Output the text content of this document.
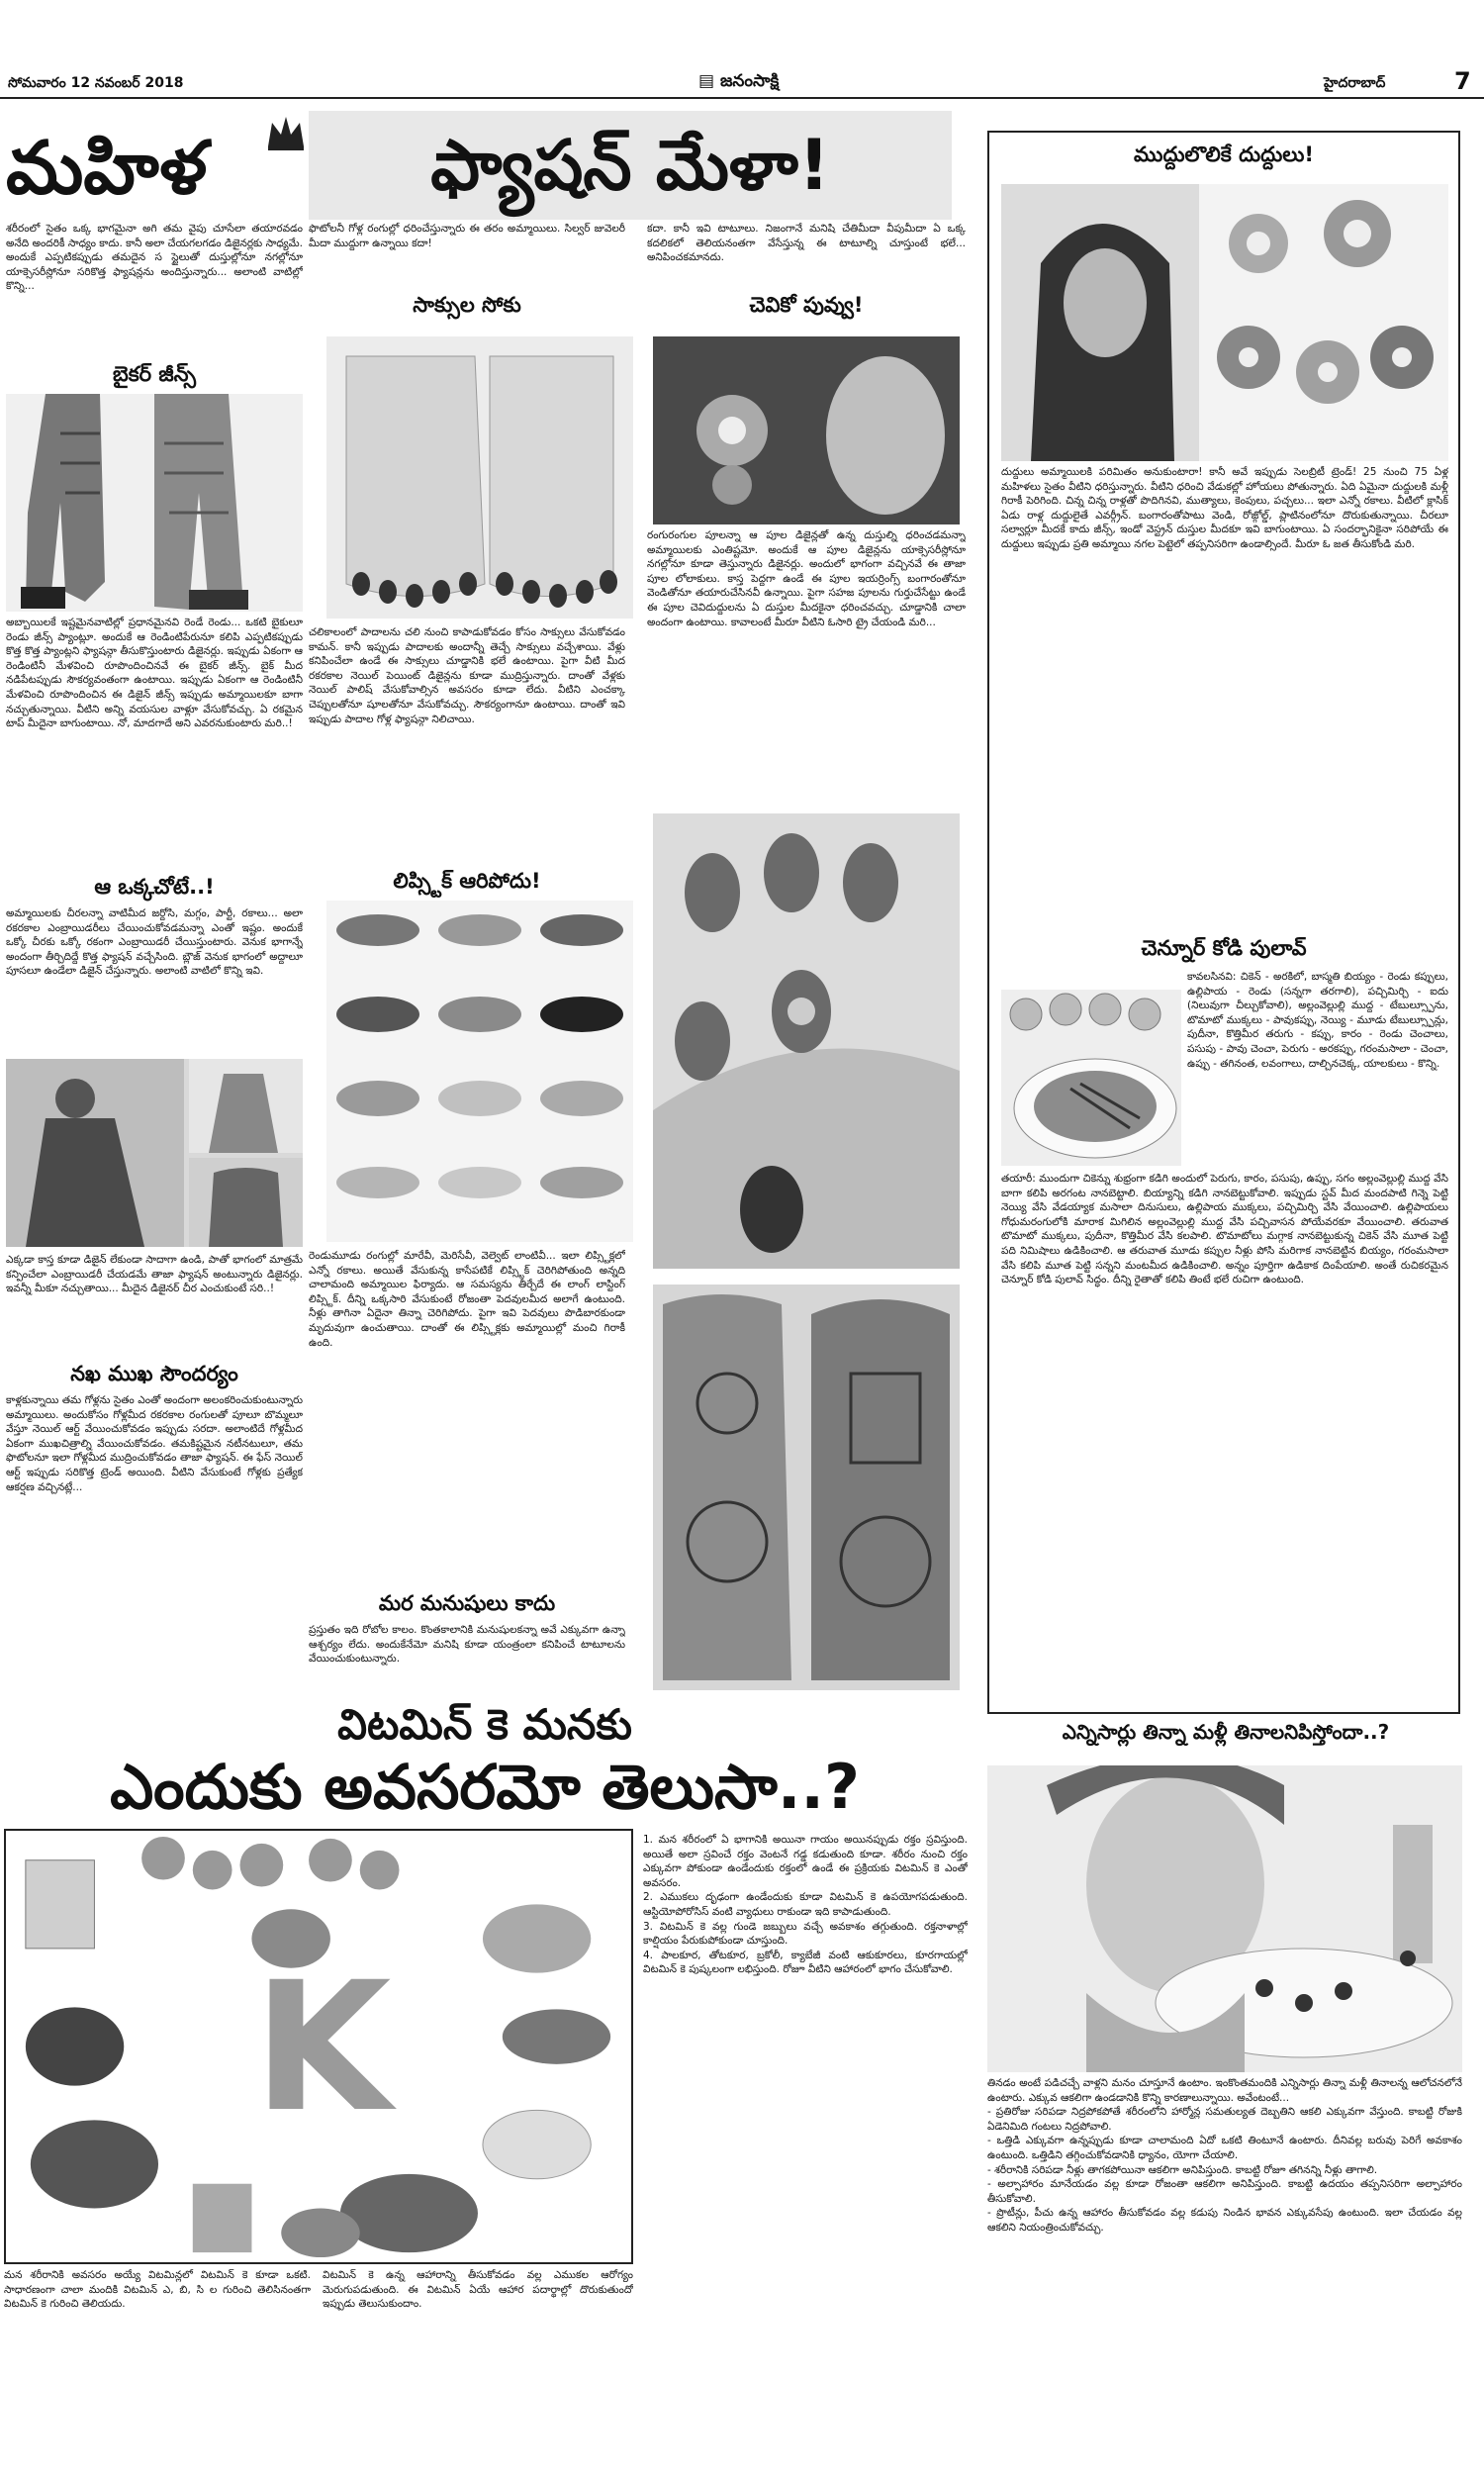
సోమవారం 12 నవంబర్ 2018	▤ జనంసాక్షి	హైదరాబాద్	7
మహిళ	ఫ్యాషన్ మేళా!
శరీరంలో సైతం ఒక్క భాగమైనా అగి తమ వైపు చూసేలా తయారవడం అనేది అందరికీ సాధ్యం కాదు. కానీ అలా చేయగలగడం డిజైనర్లకు సాధ్యమే. అందుకే ఎప్పటికప్పుడు తమదైన స స్టైలుతో దుస్తుల్లోనూ నగల్లోనూ యాక్సెసరీస్లోనూ సరికొత్త ఫ్యాషన్లను అందిస్తున్నారు... అలాంటి వాటిల్లో కొన్ని...
బైకర్ జీన్స్
అబ్బాయిలకే ఇష్టమైనవాటిల్లో ప్రధానమైనవి రెండే రెండు... ఒకటి బైకులూ రెండు జీన్స్ ప్యాంట్లూ. అందుకే ఆ రెండింటిపేరునూ కలిపి ఎప్పటికప్పుడు కొత్త కొత్త ప్యాంట్లని ఫ్యాషన్గా తీసుకొస్తుంటారు డిజైనర్లు. ఇప్పుడు ఏకంగా ఆ రెండింటినీ మేళవించి రూపొందించినవే ఈ బైకర్ జీన్స్. బైక్ మీద నడిపేటప్పుడు సౌకర్యవంతంగా ఉంటాయి. ఇప్పుడు ఏకంగా ఆ రెండింటినీ మేళవించి రూపొందించిన ఈ డిజైన్ జీన్స్ ఇప్పుడు అమ్మాయిలకూ బాగా నచ్చుతున్నాయి. వీటిని అన్ని వయసుల వాళ్లూ వేసుకోవచ్చు. ఏ రకమైన టాప్ మీదైనా బాగుంటాయి. నో, మాదగాదే అని ఎవరనుకుంటారు మరి..!
ఆ ఒక్కచోటే..!
అమ్మాయిలకు చీరలన్నా వాటిమీద జర్దోసి, మగ్గం, పార్టీ, రకాలు... అలా రకరకాల ఎంబ్రాయిడరీలు చేయించుకోవడమన్నా ఎంతో ఇష్టం. అందుకే ఒక్కో చీరకు ఒక్కో రకంగా ఎంబ్రాయిడరీ చేయిస్తుంటారు. వెనుక భాగాన్నే అందంగా తీర్చిదిద్దే కొత్త ఫ్యాషన్ వచ్చేసింది. బ్లౌజ్ వెనుక భాగంలో అద్దాలూ పూసలూ ఉండేలా డిజైన్ చేస్తున్నారు. అలాంటి వాటిలో కొన్ని ఇవి.
ఎక్కడా కాస్త కూడా డిజైన్ లేకుండా సాదాగా ఉండి, పాతో భాగంలో మాత్రమే కన్పించేలా ఎంబ్రాయిడరీ చేయడమే తాజా ఫ్యాషన్ అంటున్నారు డిజైనర్లు. ఇవన్నీ మీకూ నచ్చుతాయి... మీదైన డిజైనర్ చీర ఎంచుకుంటే సరి..!
నఖ ముఖ సౌందర్యం
కాళ్లకున్నాయి తమ గోళ్లను సైతం ఎంతో అందంగా అలంకరించుకుంటున్నారు అమ్మాయిలు. అందుకోసం గోళ్లమీద రకరకాల రంగులతో పూలూ బొమ్మలూ వేస్తూ నెయిల్ ఆర్ట్ వేయించుకోవడం ఇప్పుడు సరదా. అలాంటిదే గోళ్లమీద ఏకంగా ముఖచిత్రాల్ని వేయించుకోవడం. తమకిష్టమైన నటీనటులూ, తమ ఫొటోలనూ ఇలా గోళ్లమీద ముద్రించుకోవడం తాజా ఫ్యాషన్. ఈ ఫేస్ నెయిల్ ఆర్ట్ ఇప్పుడు సరికొత్త ట్రెండ్ అయింది. వీటిని వేసుకుంటే గోళ్లకు ప్రత్యేక ఆకర్షణ వచ్చినట్లే...
ఫొటోలనీ గోళ్ల రంగుల్లో ధరించేస్తున్నారు ఈ తరం అమ్మాయిలు. సిల్వర్ జువెలరీ మీదా ముద్దుగా ఉన్నాయి కదా!
సాక్సుల సోకు
చలికాలంలో పాదాలను చలి నుంచి కాపాడుకోవడం కోసం సాక్సులు వేసుకోవడం కామన్. కానీ ఇప్పుడు పాదాలకు అందాన్నీ తెచ్చే సాక్సులు వచ్చేశాయి. వేళ్లు కనిపించేలా ఉండే ఈ సాక్సులు చూడ్డానికి భలే ఉంటాయి. పైగా వీటి మీద రకరకాల నెయిల్ పెయింట్ డిజైన్లను కూడా ముద్రిస్తున్నారు. దాంతో వేళ్లకు నెయిల్ పాలిష్ వేసుకోవాల్సిన అవసరం కూడా లేదు. వీటిని ఎంచక్కా చెప్పులతోనూ షూలతోనూ వేసుకోవచ్చు. సౌకర్యంగానూ ఉంటాయి. దాంతో ఇవి ఇప్పుడు పాదాల గోళ్ల ఫ్యాషన్గా నిలిచాయి.
లిప్స్టిక్ ఆరిపోదు!
రెండుమూడు రంగుల్లో మారేవీ, మెరిసేవీ, వెల్వెట్ లాంటివీ... ఇలా లిప్స్టిక్లలో ఎన్నో రకాలు. అయితే వేసుకున్న కాసేపటికే లిప్స్టిక్ చెరిగిపోతుంది అన్నది చాలామంది అమ్మాయిల ఫిర్యాదు. ఆ సమస్యను తీర్చేదే ఈ లాంగ్ లాస్టింగ్ లిప్స్టిక్. దీన్ని ఒక్కసారి వేసుకుంటే రోజంతా పెదవులమీద అలాగే ఉంటుంది. నీళ్లు తాగినా ఏదైనా తిన్నా చెరిగిపోదు. పైగా ఇవి పెదవులు పొడిబారకుండా మృదువుగా ఉంచుతాయి. దాంతో ఈ లిప్స్టిక్లకు అమ్మాయిల్లో మంచి గిరాకీ ఉంది.
మర మనుషులు కాదు
ప్రస్తుతం ఇది రోబోల కాలం. కొంతకాలానికి మనుషులకన్నా అవే ఎక్కువగా ఉన్నా ఆశ్చర్యం లేదు. అందుకేనేమో మనిషి కూడా యంత్రంలా కనిపించే టాటూలను వేయించుకుంటున్నారు.
కదా. కానీ ఇవి టాటూలు. నిజంగానే మనిషి చేతిమీదా వీపుమీదా ఏ ఒక్క కదలికలో తెలియనంతగా వేసేస్తున్న ఈ టాటూల్ని చూస్తుంటే భలే... అనిపించకమానదు.
చెవికో పువ్వు!
రంగురంగుల పూలన్నా ఆ పూల డిజైన్లతో ఉన్న దుస్తుల్ని ధరించడమన్నా అమ్మాయిలకు ఎంతిష్టమో. అందుకే ఆ పూల డిజైన్లను యాక్సెసరీస్లోనూ నగల్లోనూ కూడా తెస్తున్నారు డిజైనర్లు. అందులో భాగంగా వచ్చినవే ఈ తాజా పూల లోలాకులు. కాస్త పెద్దగా ఉండే ఈ పూల ఇయర్రింగ్స్ బంగారంతోనూ వెండితోనూ తయారుచేసినవీ ఉన్నాయి. పైగా సహజ పూలను గుర్తుచేసేట్టు ఉండే ఈ పూల చెవిదుద్దులను ఏ దుస్తుల మీదకైనా ధరించవచ్చు. చూడ్డానికి చాలా అందంగా ఉంటాయి. కావాలంటే మీరూ వీటిని ఓసారి ట్రై చేయండి మరి...
ముద్దులొలికే దుద్దులు!
దుద్దులు అమ్మాయిలకి పరిమితం అనుకుంటారా! కానీ అవే ఇప్పుడు సెలబ్రిటీ ట్రెండ్! 25 నుంచి 75 ఏళ్ల మహిళలు సైతం వీటిని ధరిస్తున్నారు. వీటిని ధరించి వేడుకల్లో హోయలు పోతున్నారు. ఏది ఏమైనా దుద్దులకి మళ్లీ గిరాకీ పెరిగింది. చిన్న చిన్న రాళ్లతో పొదిగినవి, ముత్యాలు, కెంపులు, పచ్చలు... ఇలా ఎన్నో రకాలు. వీటిలో క్లాసిక్ ఏడు రాళ్ల దుద్దులైతే ఎవర్గ్రీన్. బంగారంతోపాటు వెండి, రోజ్గోల్డ్, ప్లాటినంలోనూ దొరుకుతున్నాయి. చీరలూ సల్వార్లూ మీదకే కాదు జీన్స్, ఇండో వెస్ట్రన్ దుస్తుల మీదకూ ఇవి బాగుంటాయి. ఏ సందర్భానికైనా సరిపోయే ఈ దుద్దులు ఇప్పుడు ప్రతి అమ్మాయి నగల పెట్టెలో తప్పనిసరిగా ఉండాల్సిందే. మీరూ ఓ జత తీసుకోండి మరి.
చెన్నూర్ కోడి పులావ్
కావలసినవి: చికెన్ - అరకిలో, బాస్మతి బియ్యం - రెండు కప్పులు, ఉల్లిపాయ - రెండు (సన్నగా తరగాలి), పచ్చిమిర్చి - ఐదు (నిలువుగా చీల్చుకోవాలి), అల్లంవెల్లుల్లి ముద్ద - టేబుల్స్పూను, టొమాటో ముక్కలు - పావుకప్పు, నెయ్యి - మూడు టేబుల్స్పూన్లు, పుదీనా, కొత్తిమీర తరుగు - కప్పు, కారం - రెండు చెంచాలు, పసుపు - పావు చెంచా, పెరుగు - అరకప్పు, గరంమసాలా - చెంచా, ఉప్పు - తగినంత, లవంగాలు, దాల్చినచెక్క, యాలకులు - కొన్ని.
తయారీ: ముందుగా చికెన్ను శుభ్రంగా కడిగి అందులో పెరుగు, కారం, పసుపు, ఉప్పు, సగం అల్లంవెల్లుల్లి ముద్ద వేసి బాగా కలిపి అరగంట నానబెట్టాలి. బియ్యాన్ని కడిగి నానబెట్టుకోవాలి. ఇప్పుడు స్టవ్ మీద మందపాటి గిన్నె పెట్టి నెయ్యి వేసి వేడయ్యాక మసాలా దినుసులు, ఉల్లిపాయ ముక్కలు, పచ్చిమిర్చి వేసి వేయించాలి. ఉల్లిపాయలు గోధుమరంగులోకి మారాక మిగిలిన అల్లంవెల్లుల్లి ముద్ద వేసి పచ్చివాసన పోయేవరకూ వేయించాలి. తరువాత టొమాటో ముక్కలు, పుదీనా, కొత్తిమీర వేసి కలపాలి. టొమాటోలు మగ్గాక నానబెట్టుకున్న చికెన్ వేసి మూత పెట్టి పది నిమిషాలు ఉడికించాలి. ఆ తరువాత మూడు కప్పుల నీళ్లు పోసి మరిగాక నానబెట్టిన బియ్యం, గరంమసాలా వేసి కలిపి మూత పెట్టి సన్నని మంటమీద ఉడికించాలి. అన్నం పూర్తిగా ఉడికాక దింపేయాలి. అంతే రుచికరమైన చెన్నూర్ కోడి పులావ్ సిద్ధం. దీన్ని రైతాతో కలిపి తింటే భలే రుచిగా ఉంటుంది.
ఎన్నిసార్లు తిన్నా మళ్లీ తినాలనిపిస్తోందా..?
తినడం అంటే పడిచచ్చే వాళ్లని మనం చూస్తూనే ఉంటాం. ఇంకొంతమందికి ఎన్నిసార్లు తిన్నా మళ్లీ తినాలన్న ఆలోచనలోనే ఉంటారు. ఎక్కువ ఆకలిగా ఉండడానికి కొన్ని కారణాలున్నాయి. అవేంటంటే...
- ప్రతిరోజు సరిపడా నిద్రపోకపోతే శరీరంలోని హార్మోన్ల సమతుల్యత దెబ్బతిని ఆకలి ఎక్కువగా వేస్తుంది. కాబట్టి రోజుకి ఏడెనిమిది గంటలు నిద్రపోవాలి.
- ఒత్తిడి ఎక్కువగా ఉన్నప్పుడు కూడా చాలామంది ఏదో ఒకటి తింటూనే ఉంటారు. దీనివల్ల బరువు పెరిగే అవకాశం ఉంటుంది. ఒత్తిడిని తగ్గించుకోవడానికి ధ్యానం, యోగా చేయాలి.
- శరీరానికి సరిపడా నీళ్లు తాగకపోయినా ఆకలిగా అనిపిస్తుంది. కాబట్టి రోజూ తగినన్ని నీళ్లు తాగాలి.
- అల్పాహారం మానేయడం వల్ల కూడా రోజంతా ఆకలిగా అనిపిస్తుంది. కాబట్టి ఉదయం తప్పనిసరిగా అల్పాహారం తీసుకోవాలి.
- ప్రొటీన్లు, పీచు ఉన్న ఆహారం తీసుకోవడం వల్ల కడుపు నిండిన భావన ఎక్కువసేపు ఉంటుంది. ఇలా చేయడం వల్ల ఆకలిని నియంత్రించుకోవచ్చు.
విటమిన్ కె మనకు
ఎందుకు అవసరమో తెలుసా..?
K
1. మన శరీరంలో ఏ భాగానికి అయినా గాయం అయినప్పుడు రక్తం స్రవిస్తుంది. అయితే అలా స్రవించే రక్తం వెంటనే గడ్డ కడుతుంది కూడా. శరీరం నుంచి రక్తం ఎక్కువగా పోకుండా ఉండేందుకు రక్తంలో ఉండే ఈ ప్రక్రియకు విటమిన్ కె ఎంతో అవసరం.
2. ఎముకలు దృఢంగా ఉండేందుకు కూడా విటమిన్ కె ఉపయోగపడుతుంది. ఆస్టియోపోరోసిస్ వంటి వ్యాధులు రాకుండా ఇది కాపాడుతుంది.
3. విటమిన్ కె వల్ల గుండె జబ్బులు వచ్చే అవకాశం తగ్గుతుంది. రక్తనాళాల్లో కాల్షియం పేరుకుపోకుండా చూస్తుంది.
4. పాలకూర, తోటకూర, బ్రకోలీ, క్యాబేజీ వంటి ఆకుకూరలు, కూరగాయల్లో విటమిన్ కె పుష్కలంగా లభిస్తుంది. రోజూ వీటిని ఆహారంలో భాగం చేసుకోవాలి.
మన శరీరానికి అవసరం అయ్యే విటమిన్లలో విటమిన్ కె కూడా ఒకటి. సాధారణంగా చాలా మందికి విటమిన్ ఎ, బి, సి ల గురించి తెలిసినంతగా విటమిన్ కె గురించి తెలియదు.
విటమిన్ కె ఉన్న ఆహారాన్ని తీసుకోవడం వల్ల ఎముకల ఆరోగ్యం మెరుగుపడుతుంది. ఈ విటమిన్ ఏయే ఆహార పదార్థాల్లో దొరుకుతుందో ఇప్పుడు తెలుసుకుందాం.
